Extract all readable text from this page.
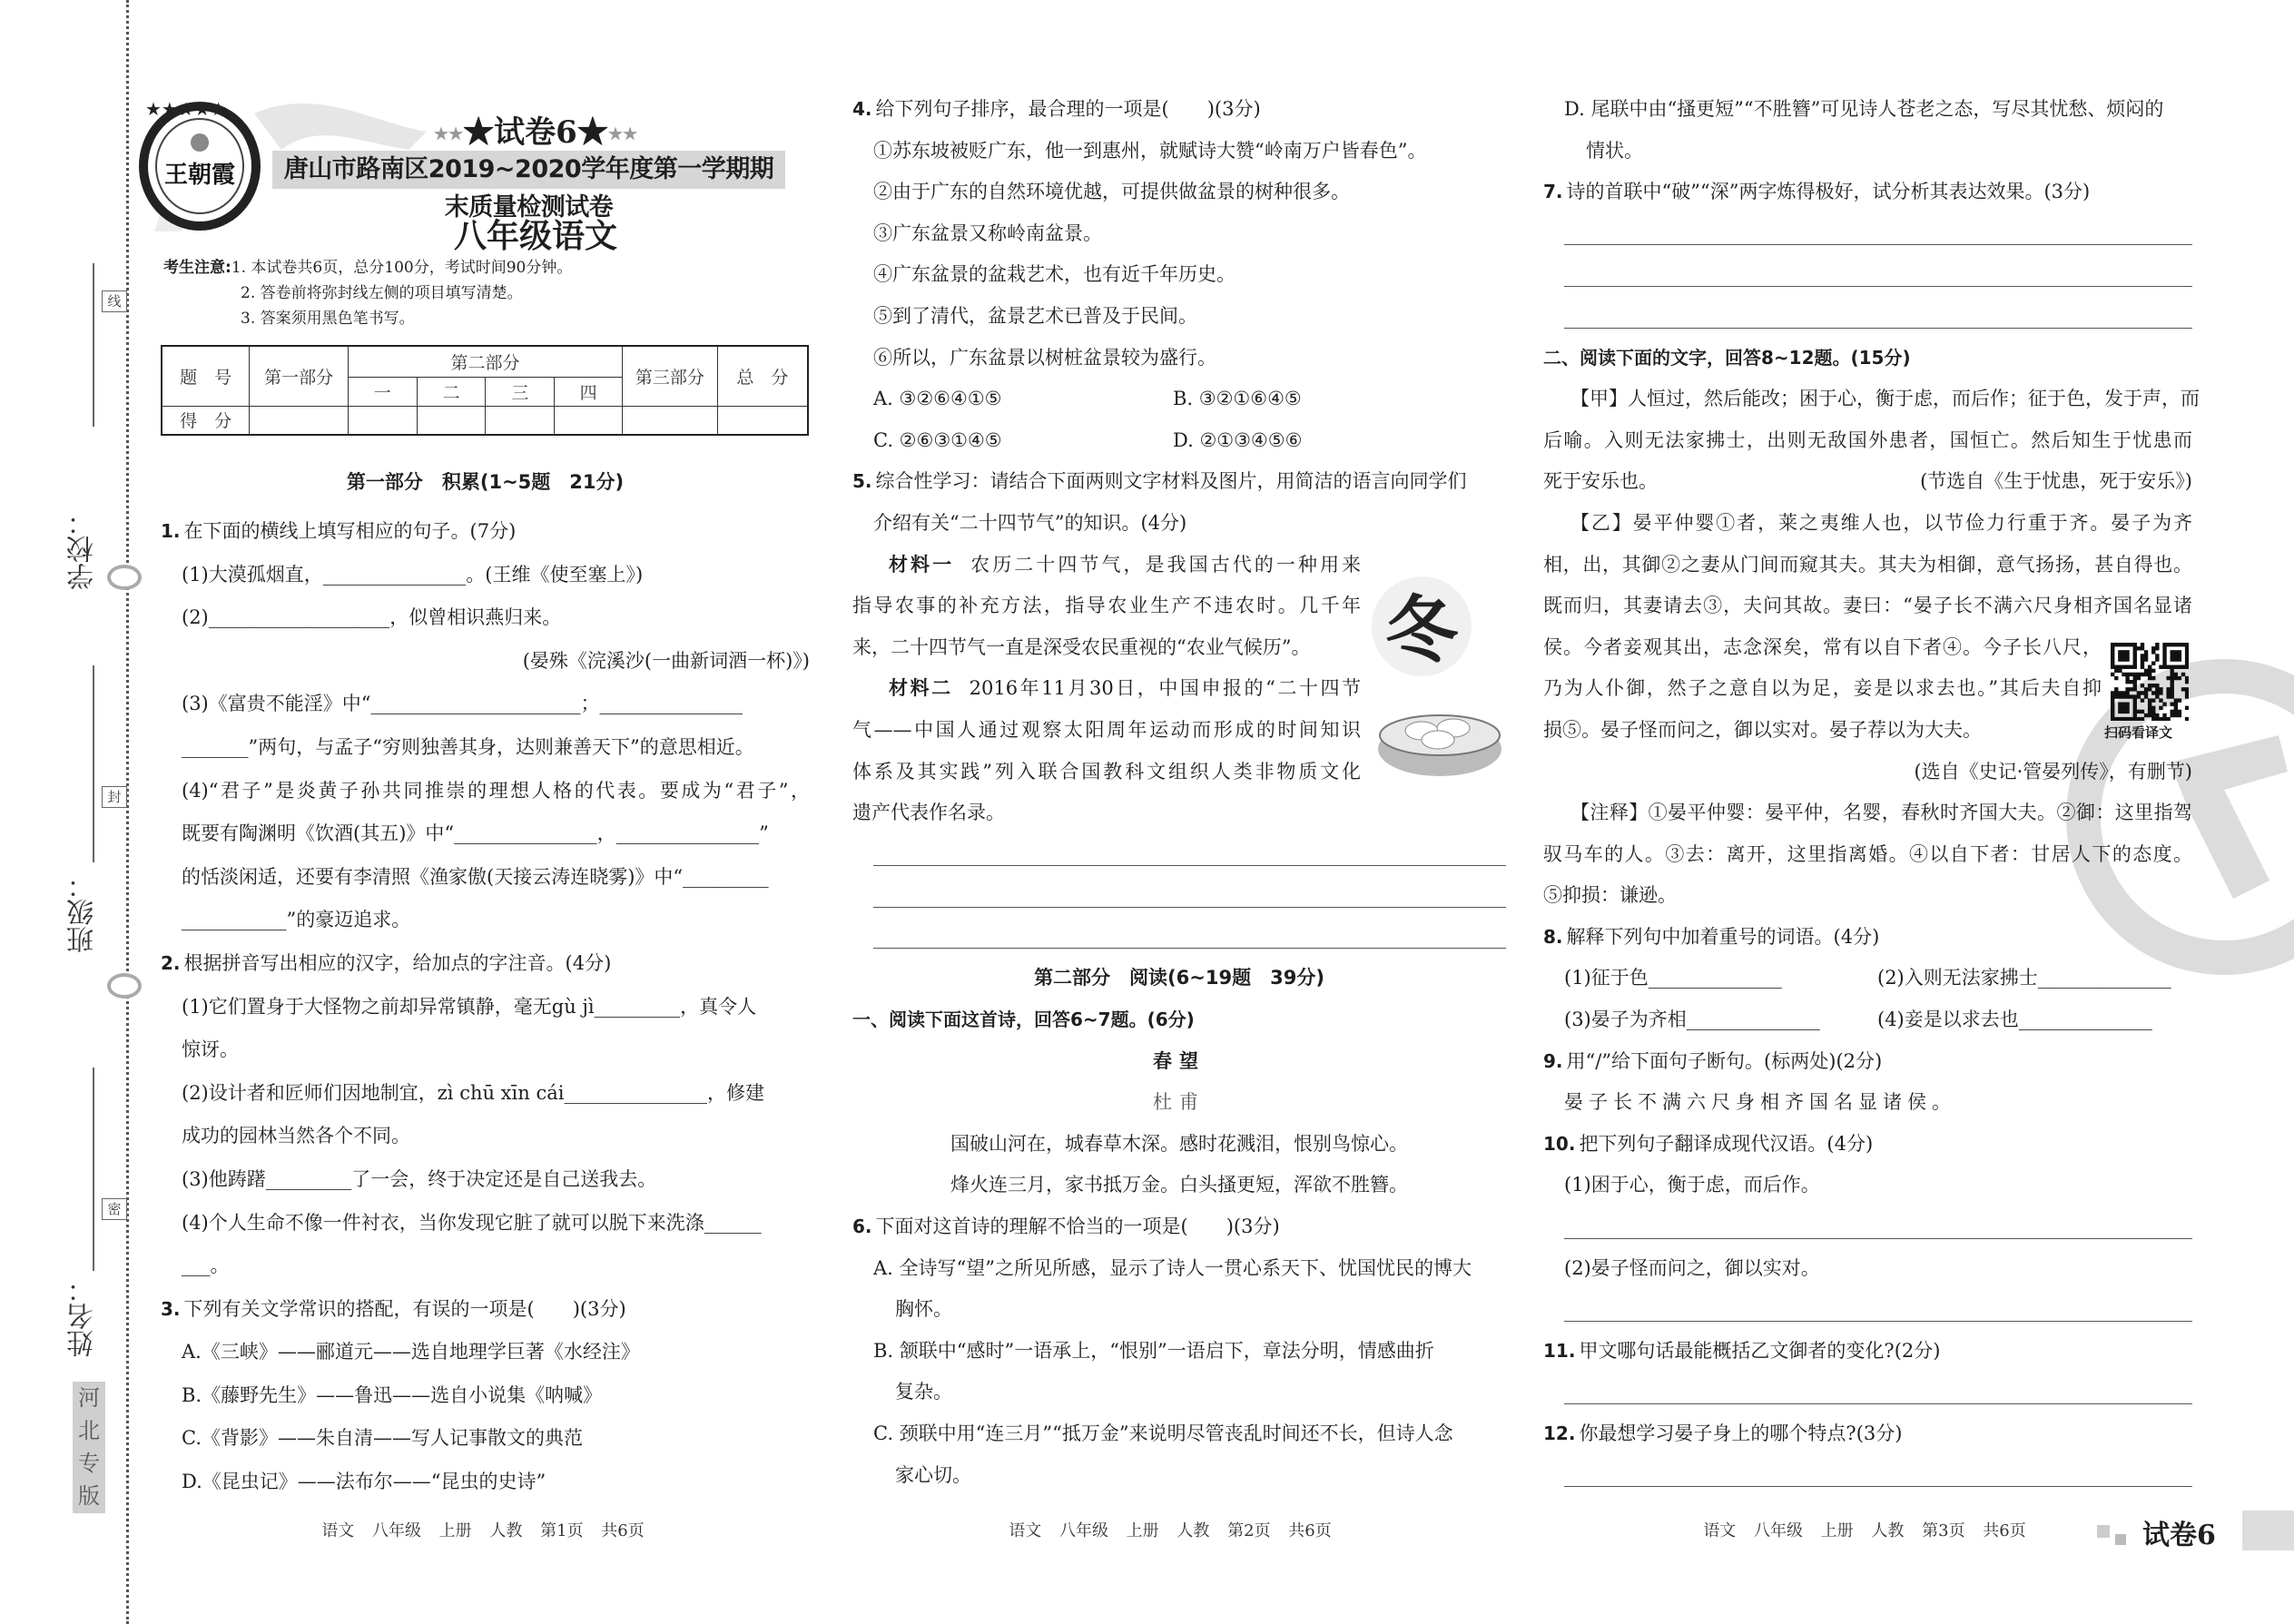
学校：
班级：
姓名：
线
封
密
河北专版
★★★★★
王朝霞
★★★试卷6★★★
唐山市路南区2019~2020学年度第一学期期末质量检测试卷
八年级语文
考生注意:1. 本试卷共6页，总分100分，考试时间90分钟。
2. 答卷前将弥封线左侧的项目填写清楚。
3. 答案须用黑色笔书写。
题　号	第一部分	第二部分				第三部分	总　分
		一	二	三	四		
得　分							
第一部分　积累(1~5题　21分)
冬
扫码看译文
1. 在下面的横线上填写相应的句子。(7分)
(1)大漠孤烟直，_______________。(王维《使至塞上》)
(2)___________________，似曾相识燕归来。
(晏殊《浣溪沙(一曲新词酒一杯)》)
(3)《富贵不能淫》中“______________________；_______________
_______”两句，与孟子“穷则独善其身，达则兼善天下”的意思相近。
(4)“君子”是炎黄子孙共同推崇的理想人格的代表。要成为“君子”，
既要有陶渊明《饮酒(其五)》中“_______________，_______________”
的恬淡闲适，还要有李清照《渔家傲(天接云涛连晓雾)》中“_________
___________”的豪迈追求。
2. 根据拼音写出相应的汉字，给加点的字注音。(4分)
(1)它们置身于大怪物之前却异常镇静，毫无gù jì_________，真令人
惊讶。
(2)设计者和匠师们因地制宜，zì chū xīn cái_______________，修建
成功的园林当然各个不同。
(3)他踌躇_________了一会，终于决定还是自己送我去。
(4)个人生命不像一件衬衣，当你发现它脏了就可以脱下来洗涤______
___。
3. 下列有关文学常识的搭配，有误的一项是(　　)(3分)
A.《三峡》——郦道元——选自地理学巨著《水经注》
B.《藤野先生》——鲁迅——选自小说集《呐喊》
C.《背影》——朱自清——写人记事散文的典范
D.《昆虫记》——法布尔——“昆虫的史诗”
4. 给下列句子排序，最合理的一项是(　　)(3分)
①苏东坡被贬广东，他一到惠州，就赋诗大赞“岭南万户皆春色”。
②由于广东的自然环境优越，可提供做盆景的树种很多。
③广东盆景又称岭南盆景。
④广东盆景的盆栽艺术，也有近千年历史。
⑤到了清代，盆景艺术已普及于民间。
⑥所以，广东盆景以树桩盆景较为盛行。
A. ③②⑥④①⑤	B. ③②①⑥④⑤
C. ②⑥③①④⑤	D. ②①③④⑤⑥
5. 综合性学习：请结合下面两则文字材料及图片，用简洁的语言向同学们
介绍有关“二十四节气”的知识。(4分)
材料一 农历二十四节气，是我国古代的一种用来
指导农事的补充方法，指导农业生产不违农时。几千年
来，二十四节气一直是深受农民重视的“农业气候历”。
材料二 2016年11月30日，中国申报的“二十四节
气——中国人通过观察太阳周年运动而形成的时间知识
体系及其实践”列入联合国教科文组织人类非物质文化
遗产代表作名录。
第二部分　阅读(6~19题　39分)
一、阅读下面这首诗，回答6~7题。(6分)
春望
杜甫
国破山河在，城春草木深。感时花溅泪，恨别鸟惊心。
烽火连三月，家书抵万金。白头搔更短，浑欲不胜簪。
6. 下面对这首诗的理解不恰当的一项是(　　)(3分)
A. 全诗写“望”之所见所感，显示了诗人一贯心系天下、忧国忧民的博大
胸怀。
B. 颔联中“感时”一语承上，“恨别”一语启下，章法分明，情感曲折
复杂。
C. 颈联中用“连三月”“抵万金”来说明尽管丧乱时间还不长，但诗人念
家心切。
D. 尾联中由“搔更短”“不胜簪”可见诗人苍老之态，写尽其忧愁、烦闷的
情状。
7. 诗的首联中“破”“深”两字炼得极好，试分析其表达效果。(3分)
二、阅读下面的文字，回答8~12题。(15分)
【甲】人恒过，然后能改；困于心，衡于虑，而后作；征于色，发于声，而
后喻。入则无法家拂士，出则无敌国外患者，国恒亡。然后知生于忧患而
死于安乐也。	(节选自《生于忧患，死于安乐》)
【乙】晏平仲婴①者，莱之夷维人也，以节俭力行重于齐。晏子为齐
相，出，其御②之妻从门间而窥其夫。其夫为相御，意气扬扬，甚自得也。
既而归，其妻请去③，夫问其故。妻曰：“晏子长不满六尺身相齐国名显诸
侯。今者妾观其出，志念深矣，常有以自下者④。今子长八尺，
乃为人仆御，然子之意自以为足，妾是以求去也。”其后夫自抑
损⑤。晏子怪而问之，御以实对。晏子荐以为大夫。
(选自《史记·管晏列传》，有删节)
【注释】①晏平仲婴：晏平仲，名婴，春秋时齐国大夫。②御：这里指驾
驭马车的人。③去：离开，这里指离婚。④以自下者：甘居人下的态度。
⑤抑损：谦逊。
8. 解释下列句中加着重号的词语。(4分)
(1)征于色______________	(2)入则无法家拂士______________
(3)晏子为齐相______________	(4)妾是以求去也______________
9. 用“/”给下面句子断句。(标两处)(2分)
晏子长不满六尺身相齐国名显诸侯。
10. 把下列句子翻译成现代汉语。(4分)
(1)困于心，衡于虑，而后作。
(2)晏子怪而问之，御以实对。
11. 甲文哪句话最能概括乙文御者的变化?(2分)
12. 你最想学习晏子身上的哪个特点?(3分)
语文 八年级 上册 人教 第1页 共6页	语文 八年级 上册 人教 第2页 共6页	语文 八年级 上册 人教 第3页 共6页	试卷6
